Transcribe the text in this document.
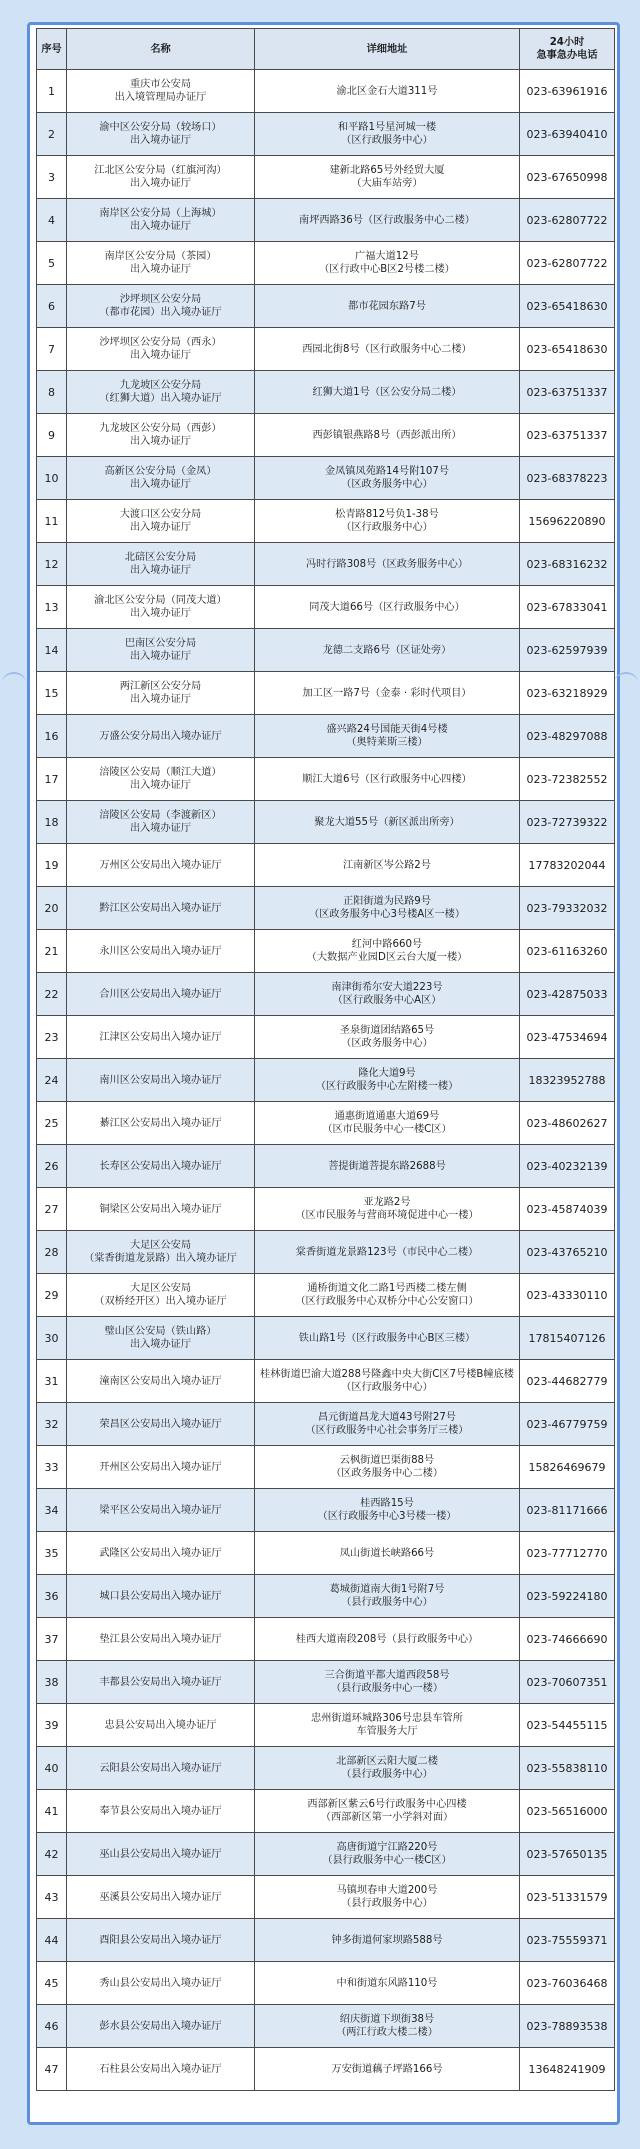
序号	名称	详细地址	24小时
急事急办电话

1	重庆市公安局
出入境管理局办证厅	渝北区金石大道311号	023-63961916
2	渝中区公安分局（较场口）
出入境办证厅	和平路1号星河城一楼
（区行政服务中心）	023-63940410
3	江北区公安分局（红旗河沟）
出入境办证厅	建新北路65号外经贸大厦
（大庙车站旁）	023-67650998
4	南岸区公安分局（上海城）
出入境办证厅	南坪西路36号（区行政服务中心二楼）	023-62807722
5	南岸区公安分局（茶园）
出入境办证厅	广福大道12号
（区行政中心B区2号楼二楼）	023-62807722
6	沙坪坝区公安分局
（都市花园）出入境办证厅	都市花园东路7号	023-65418630
7	沙坪坝区公安分局（西永）
出入境办证厅	西园北街8号（区行政服务中心二楼）	023-65418630
8	九龙坡区公安分局
（红狮大道）出入境办证厅	红狮大道1号（区公安分局二楼）	023-63751337
9	九龙坡区公安分局（西彭）
出入境办证厅	西彭镇银燕路8号（西彭派出所）	023-63751337
10	高新区公安分局（金凤）
出入境办证厅	金凤镇凤苑路14号附107号
（区政务服务中心）	023-68378223
11	大渡口区公安分局
出入境办证厅	松青路812号负1-38号
（区行政服务中心）	15696220890
12	北碚区公安分局
出入境办证厅	冯时行路308号（区政务服务中心）	023-68316232
13	渝北区公安分局（同茂大道）
出入境办证厅	同茂大道66号（区行政服务中心）	023-67833041
14	巴南区公安分局
出入境办证厅	龙德二支路6号（区证处旁）	023-62597939
15	两江新区公安分局
出入境办证厅	加工区一路7号（金泰 · 彩时代项目）	023-63218929
16	万盛公安分局出入境办证厅	盛兴路24号国能天街4号楼
（奥特莱斯三楼）	023-48297088
17	涪陵区公安局（顺江大道）
出入境办证厅	顺江大道6号（区行政服务中心四楼）	023-72382552
18	涪陵区公安局（李渡新区）
出入境办证厅	聚龙大道55号（新区派出所旁）	023-72739322
19	万州区公安局出入境办证厅	江南新区岑公路2号	17783202044
20	黔江区公安局出入境办证厅	正阳街道为民路9号
（区政务服务中心3号楼A区一楼）	023-79332032
21	永川区公安局出入境办证厅	红河中路660号
（大数据产业园D区云台大厦一楼）	023-61163260
22	合川区公安局出入境办证厅	南津街希尔安大道223号
（区行政服务中心A区）	023-42875033
23	江津区公安局出入境办证厅	圣泉街道团结路65号
（区政务服务中心）	023-47534694
24	南川区公安局出入境办证厅	隆化大道9号
（区行政服务中心左附楼一楼）	18323952788
25	綦江区公安局出入境办证厅	通惠街道通惠大道69号
（区市民服务中心一楼C区）	023-48602627
26	长寿区公安局出入境办证厅	菩提街道菩提东路2688号	023-40232139
27	铜梁区公安局出入境办证厅	亚龙路2号
（区市民服务与营商环境促进中心一楼）	023-45874039
28	大足区公安局
（棠香街道龙景路）出入境办证厅	棠香街道龙景路123号（市民中心二楼）	023-43765210
29	大足区公安局
（双桥经开区）出入境办证厅	通桥街道文化二路1号西楼二楼左侧
（区行政服务中心双桥分中心公安窗口）	023-43330110
30	璧山区公安局（铁山路）
出入境办证厅	铁山路1号（区行政服务中心B区三楼）	17815407126
31	潼南区公安局出入境办证厅	桂林街道巴渝大道288号隆鑫中央大街C区7号楼B幢底楼
（区行政服务中心）	023-44682779
32	荣昌区公安局出入境办证厅	昌元街道昌龙大道43号附27号
（区行政服务中心社会事务厅三楼）	023-46779759
33	开州区公安局出入境办证厅	云枫街道巴渠街88号
（区政务服务中心二楼）	15826469679
34	梁平区公安局出入境办证厅	桂西路15号
（区行政服务中心3号楼一楼）	023-81171666
35	武隆区公安局出入境办证厅	凤山街道长峡路66号	023-77712770
36	城口县公安局出入境办证厅	葛城街道南大街1号附7号
（县行政服务中心）	023-59224180
37	垫江县公安局出入境办证厅	桂西大道南段208号（县行政服务中心）	023-74666690
38	丰都县公安局出入境办证厅	三合街道平都大道西段58号
（县行政服务中心一楼）	023-70607351
39	忠县公安局出入境办证厅	忠州街道环城路306号忠县车管所
车管服务大厅	023-54455115
40	云阳县公安局出入境办证厅	北部新区云阳大厦二楼
（县行政服务中心）	023-55838110
41	奉节县公安局出入境办证厅	西部新区紫云6号行政服务中心四楼
（西部新区第一小学斜对面）	023-56516000
42	巫山县公安局出入境办证厅	高唐街道宁江路220号
（县行政服务中心一楼C区）	023-57650135
43	巫溪县公安局出入境办证厅	马镇坝春申大道200号
（县行政服务中心）	023-51331579
44	酉阳县公安局出入境办证厅	钟多街道何家坝路588号	023-75559371
45	秀山县公安局出入境办证厅	中和街道东风路110号	023-76036468
46	彭水县公安局出入境办证厅	绍庆街道下坝街38号
（两江行政大楼二楼）	023-78893538
47	石柱县公安局出入境办证厅	万安街道藕子坪路166号	13648241909
